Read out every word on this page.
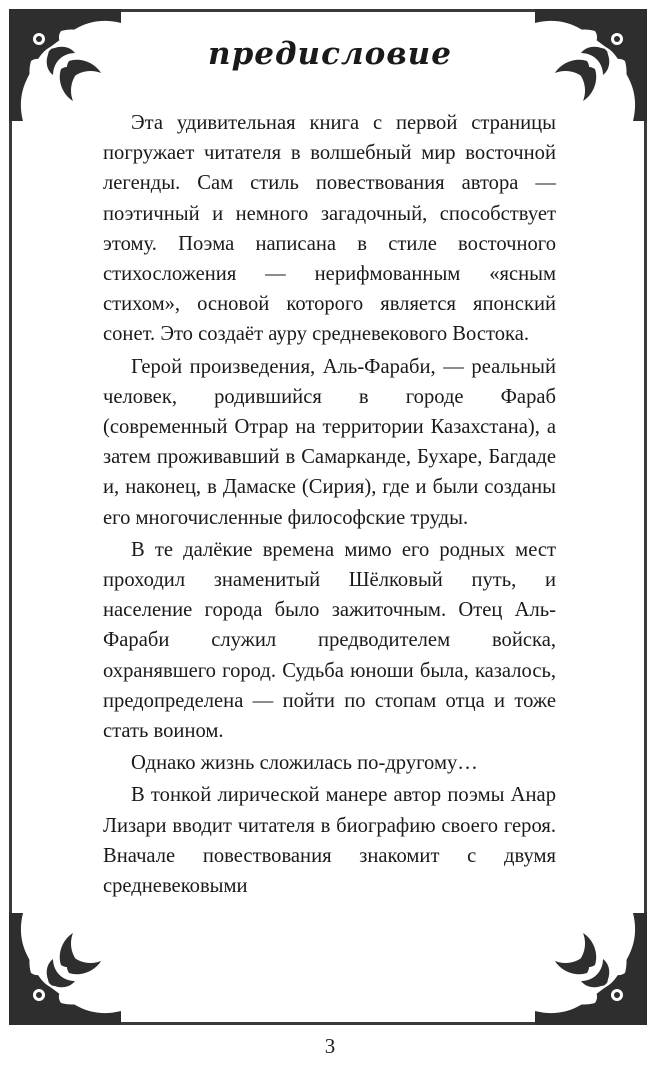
предисловие

Эта удивительная книга с первой страницы погружает читателя в волшебный мир восточной легенды. Сам стиль повествования автора — поэтичный и немного загадочный, способствует этому. Поэма написана в стиле восточного стихосложения — нерифмованным «ясным стихом», основой которого является японский сонет. Это создаёт ауру средневекового Востока.

Герой произведения, Аль-Фараби, — реальный человек, родившийся в городе Фараб (современный Отрар на территории Казахстана), а затем проживавший в Самарканде, Бухаре, Багдаде и, наконец, в Дамаске (Сирия), где и были созданы его многочисленные философские труды.

В те далёкие времена мимо его родных мест проходил знаменитый Шёлковый путь, и население города было зажиточным. Отец Аль-Фараби служил предводителем войска, охранявшего город. Судьба юноши была, казалось, предопределена — пойти по стопам отца и тоже стать воином.

Однако жизнь сложилась по-другому…

В тонкой лирической манере автор поэмы Анар Лизари вводит читателя в биографию своего героя. Вначале повествования знакомит с двумя средневековыми

3
